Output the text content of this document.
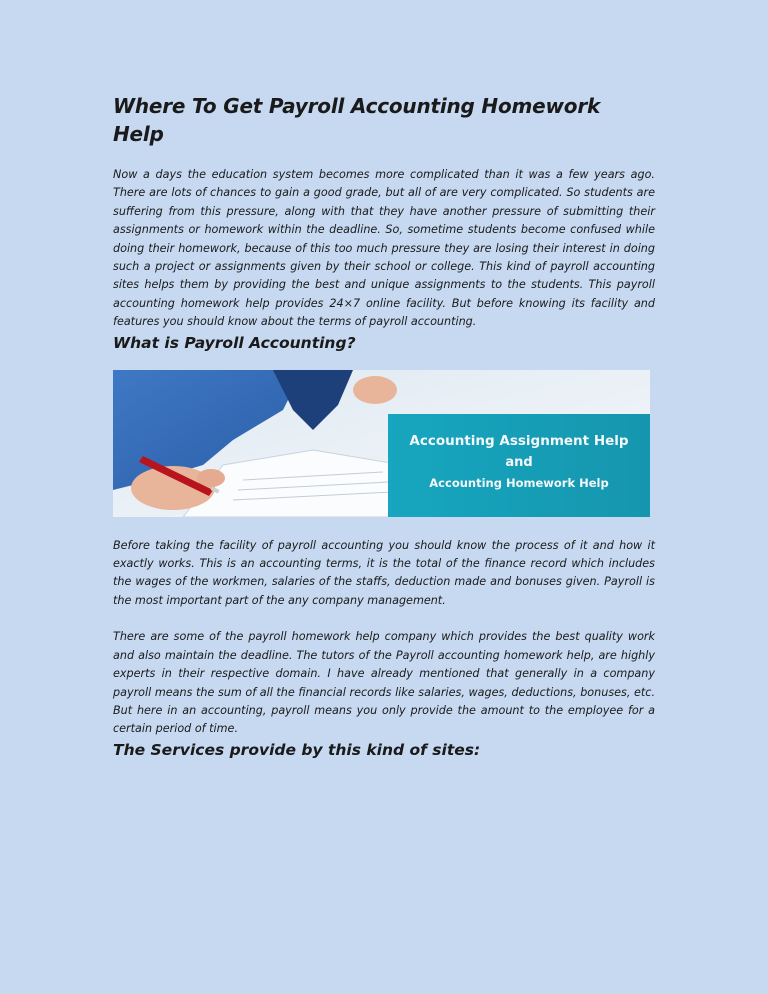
Where To Get Payroll Accounting Homework Help

Now a days the education system becomes more complicated than it was a few years ago. There are lots of chances to gain a good grade, but all of are very complicated. So students are suffering from this pressure, along with that they have another pressure of submitting their assignments or homework within the deadline. So, sometime students become confused while doing their homework, because of this too much pressure they are losing their interest in doing such a project or assignments given by their school or college. This kind of payroll accounting sites helps them by providing the best and unique assignments to the students. This payroll accounting homework help provides 24×7 online facility. But before knowing its facility and features you should know about the terms of payroll accounting.

What is Payroll Accounting?
Accounting Assignment Help
and
Accounting Homework Help

Before taking the facility of payroll accounting you should know the process of it and how it exactly works. This is an accounting terms, it is the total of the finance record which includes the wages of the workmen, salaries of the staffs, deduction made and bonuses given. Payroll is the most important part of the any company management.

There are some of the payroll homework help company which provides the best quality work and also maintain the deadline. The tutors of the Payroll accounting homework help, are highly experts in their respective domain. I have already mentioned that generally in a company payroll means the sum of all the financial records like salaries, wages, deductions, bonuses, etc. But here in an accounting, payroll means you only provide the amount to the employee for a certain period of time.

The Services provide by this kind of sites:
